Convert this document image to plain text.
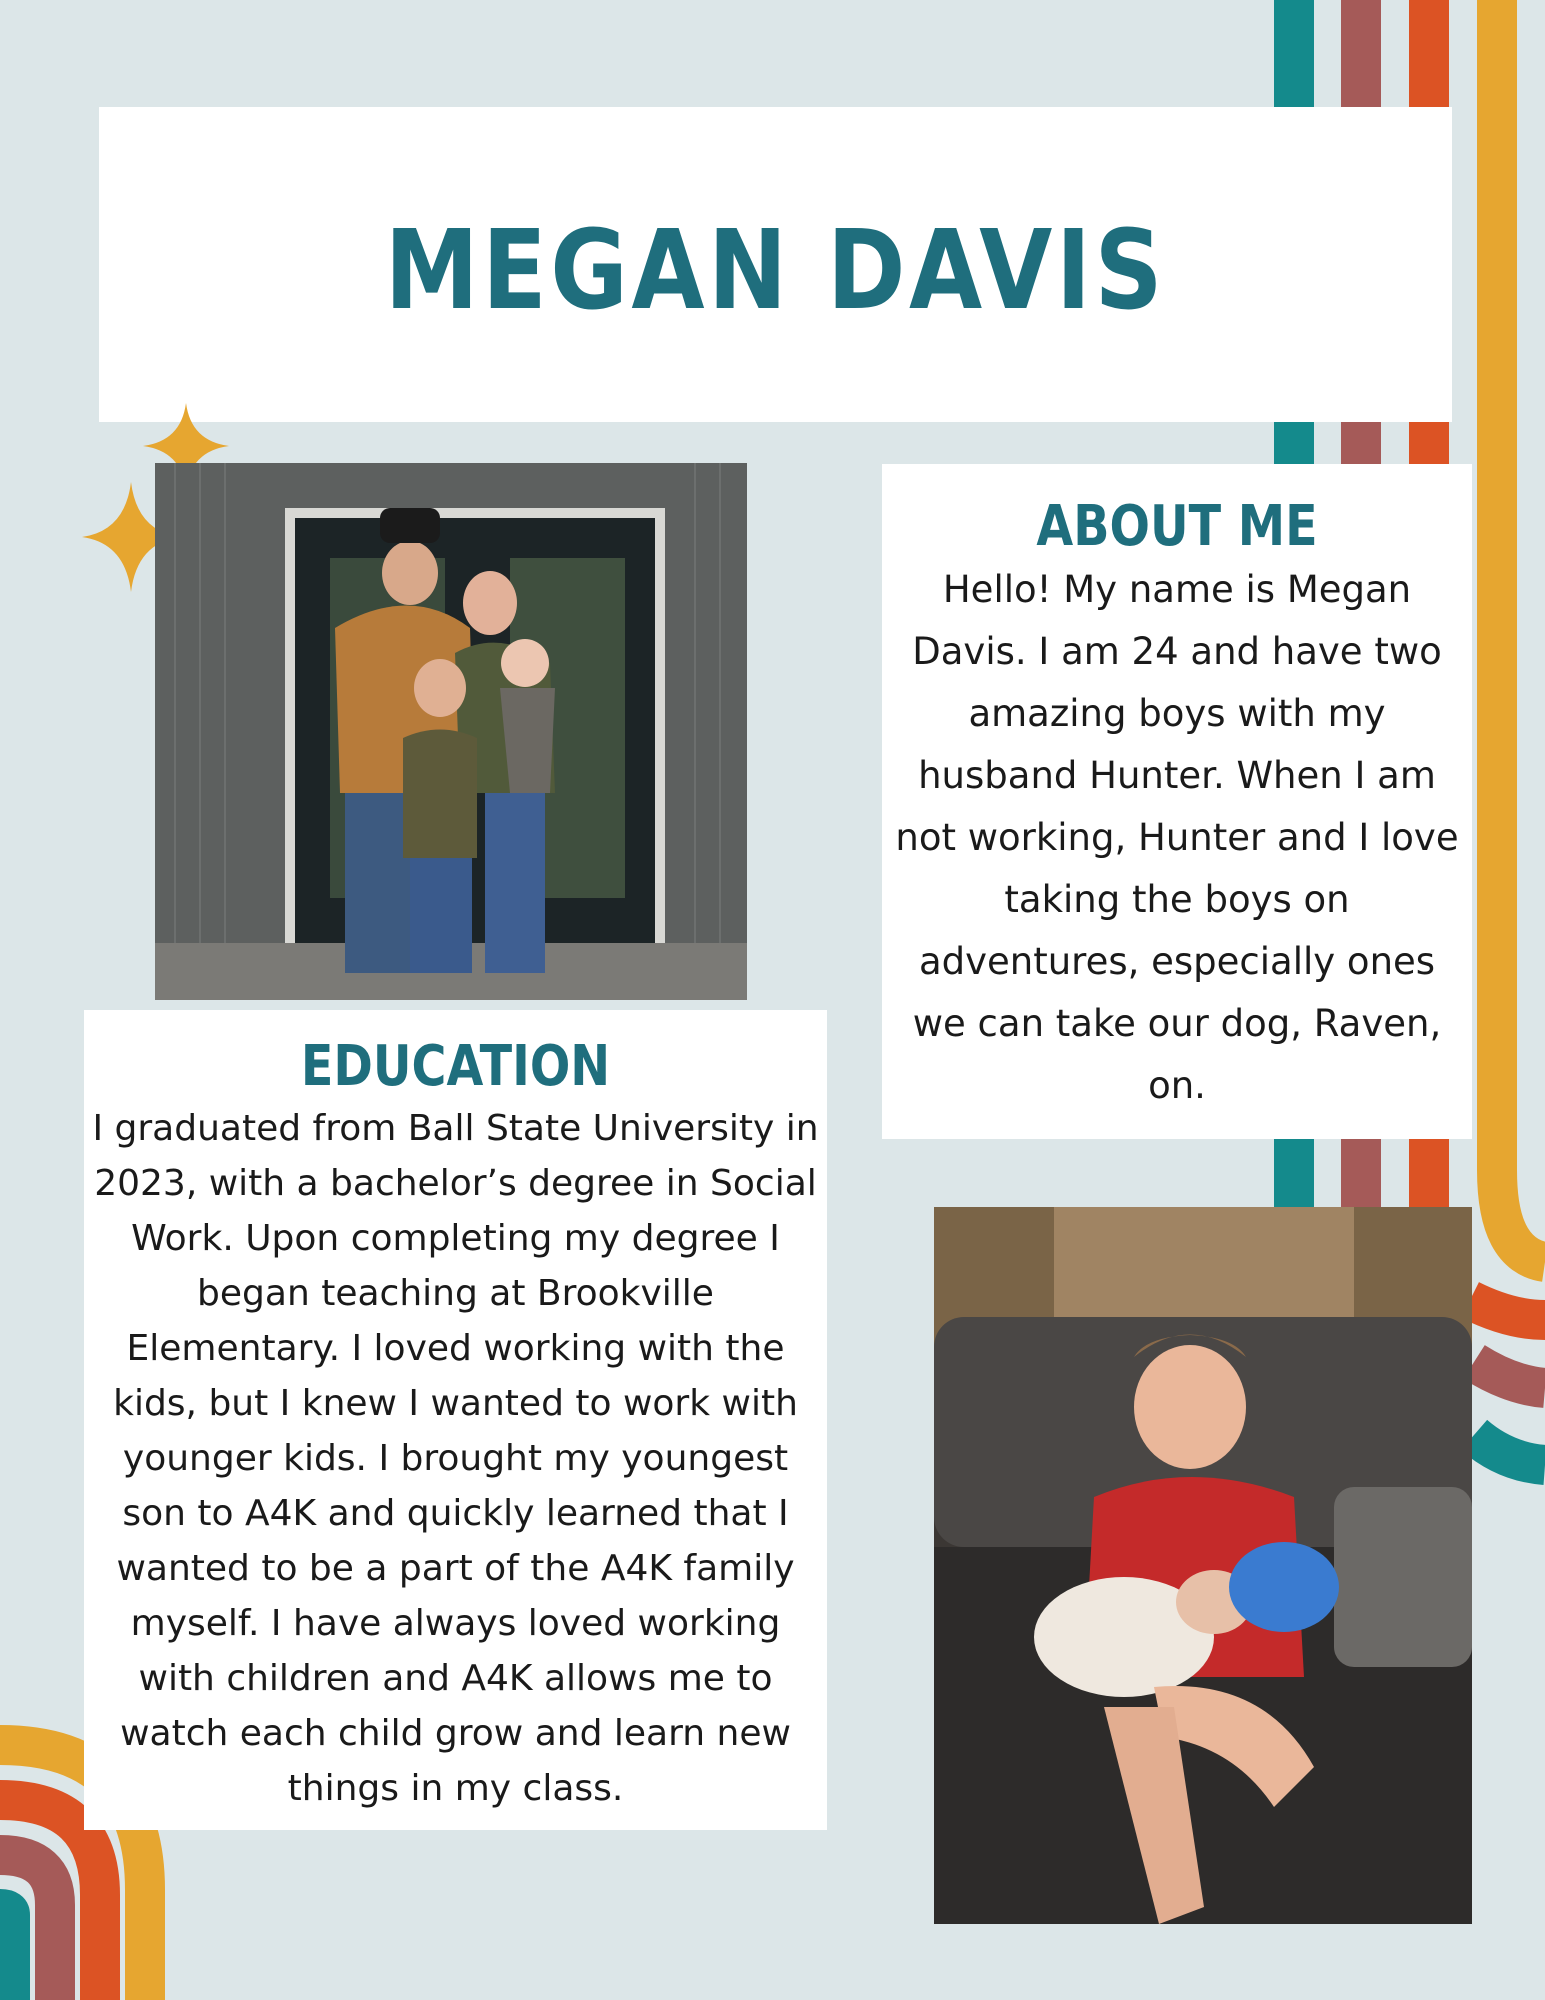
MEGAN DAVIS
ABOUT ME
Hello! My name is Megan Davis. I am 24 and have two amazing boys with my husband Hunter. When I am not working, Hunter and I love taking the boys on adventures, especially ones we can take our dog, Raven, on.
EDUCATION
I graduated from Ball State University in 2023, with a bachelor’s degree in Social Work. Upon completing my degree I began teaching at Brookville Elementary. I loved working with the kids, but I knew I wanted to work with younger kids. I brought my youngest son to A4K and quickly learned that I wanted to be a part of the A4K family myself. I have always loved working with children and A4K allows me to watch each child grow and learn new things in my class.
